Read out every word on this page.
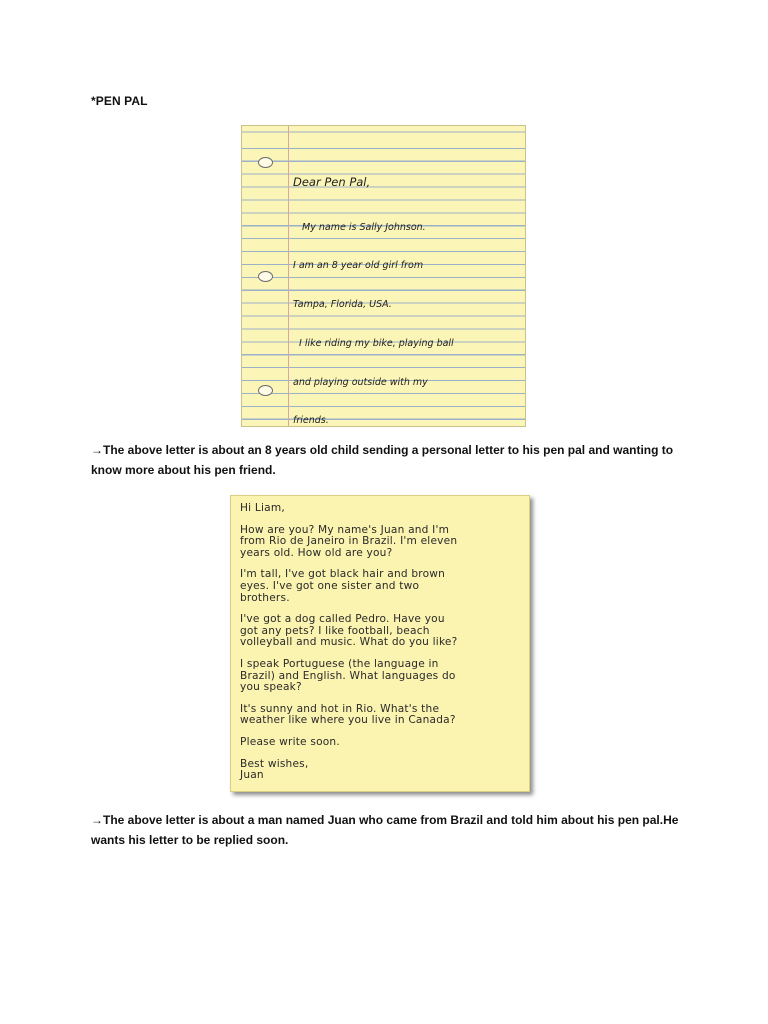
*PEN PAL

Dear Pen Pal,

My name is Sally Johnson.

I am an 8 year old girl from

Tampa, Florida, USA.

I like riding my bike, playing ball

and playing outside with my

friends.

→The above letter is about an 8 years old child sending a personal letter to his pen pal and wanting to know more about his pen friend.

Hi Liam,

How are you? My name's Juan and I'm
from Rio de Janeiro in Brazil. I'm eleven
years old. How old are you?

I'm tall, I've got black hair and brown
eyes. I've got one sister and two
brothers.

I've got a dog called Pedro. Have you
got any pets? I like football, beach
volleyball and music. What do you like?

I speak Portuguese (the language in
Brazil) and English. What languages do
you speak?

It's sunny and hot in Rio. What's the
weather like where you live in Canada?

Please write soon.

Best wishes,
Juan

→The above letter is about a man named Juan who came from Brazil and told him about his pen pal.He wants his letter to be replied soon.
